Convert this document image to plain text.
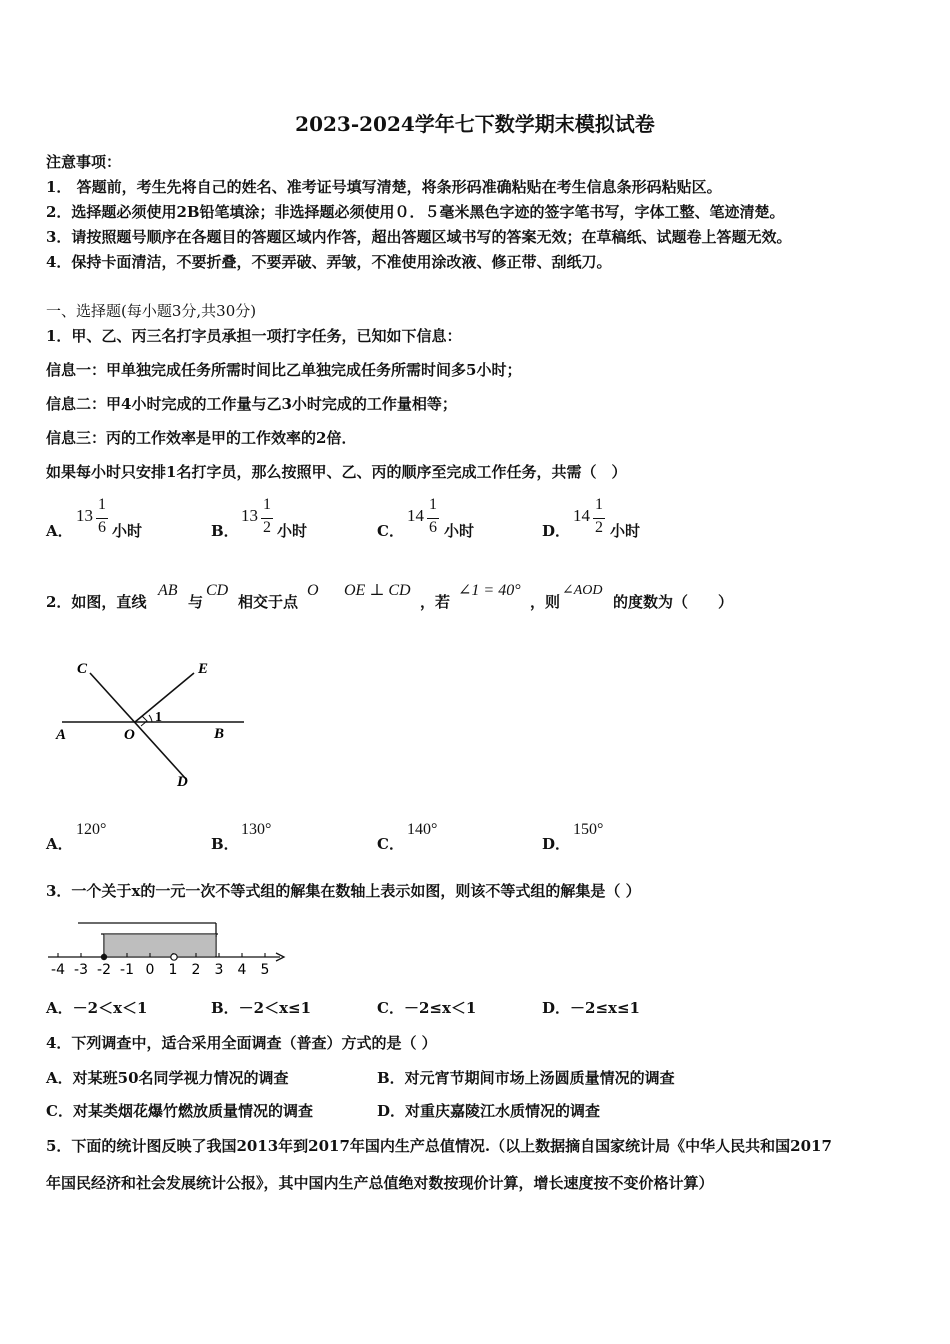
2023-2024学年七下数学期末模拟试卷
注意事项：
1． 答题前，考生先将自己的姓名、准考证号填写清楚，将条形码准确粘贴在考生信息条形码粘贴区。
2．选择题必须使用2B铅笔填涂；非选择题必须使用０．５毫米黑色字迹的签字笔书写，字体工整、笔迹清楚。
3．请按照题号顺序在各题目的答题区域内作答，超出答题区域书写的答案无效；在草稿纸、试题卷上答题无效。
4．保持卡面清洁，不要折叠，不要弄破、弄皱，不准使用涂改液、修正带、刮纸刀。
一、选择题(每小题3分,共30分)
1．甲、乙、丙三名打字员承担一项打字任务，已知如下信息：
信息一：甲单独完成任务所需时间比乙单独完成任务所需时间多5小时；
信息二：甲4小时完成的工作量与乙3小时完成的工作量相等；
信息三：丙的工作效率是甲的工作效率的2倍．
如果每小时只安排1名打字员，那么按照甲、乙、丙的顺序至完成工作任务，共需（　）
A．
13
1
6 小时	B．
13
1
2 小时	C．
14
1
6 小时	D．
14
1
2 小时
2．如图，直线
AB
与
CD
相交于点
O OE ⊥ CD
，若
∠1 = 40°
，则
∠AOD
的度数为（　　）
C	E
A	O	B
D
1
A．
120°
B．
130°
C．
140°
D．
150°
3．一个关于x的一元一次不等式组的解集在数轴上表示如图，则该不等式组的解集是（ ）
-4 -3 -2 -1 0 1 2 3 4 5
A．－2＜x＜1	B．－2＜x≤1	C．－2≤x＜1	D．－2≤x≤1
4．下列调查中，适合采用全面调查（普查）方式的是（ ）
A．对某班50名同学视力情况的调查	B．对元宵节期间市场上汤圆质量情况的调查
C．对某类烟花爆竹燃放质量情况的调查	D．对重庆嘉陵江水质情况的调查
5．下面的统计图反映了我国2013年到2017年国内生产总值情况.（以上数据摘自国家统计局《中华人民共和国2017
年国民经济和社会发展统计公报》，其中国内生产总值绝对数按现价计算，增长速度按不变价格计算）
